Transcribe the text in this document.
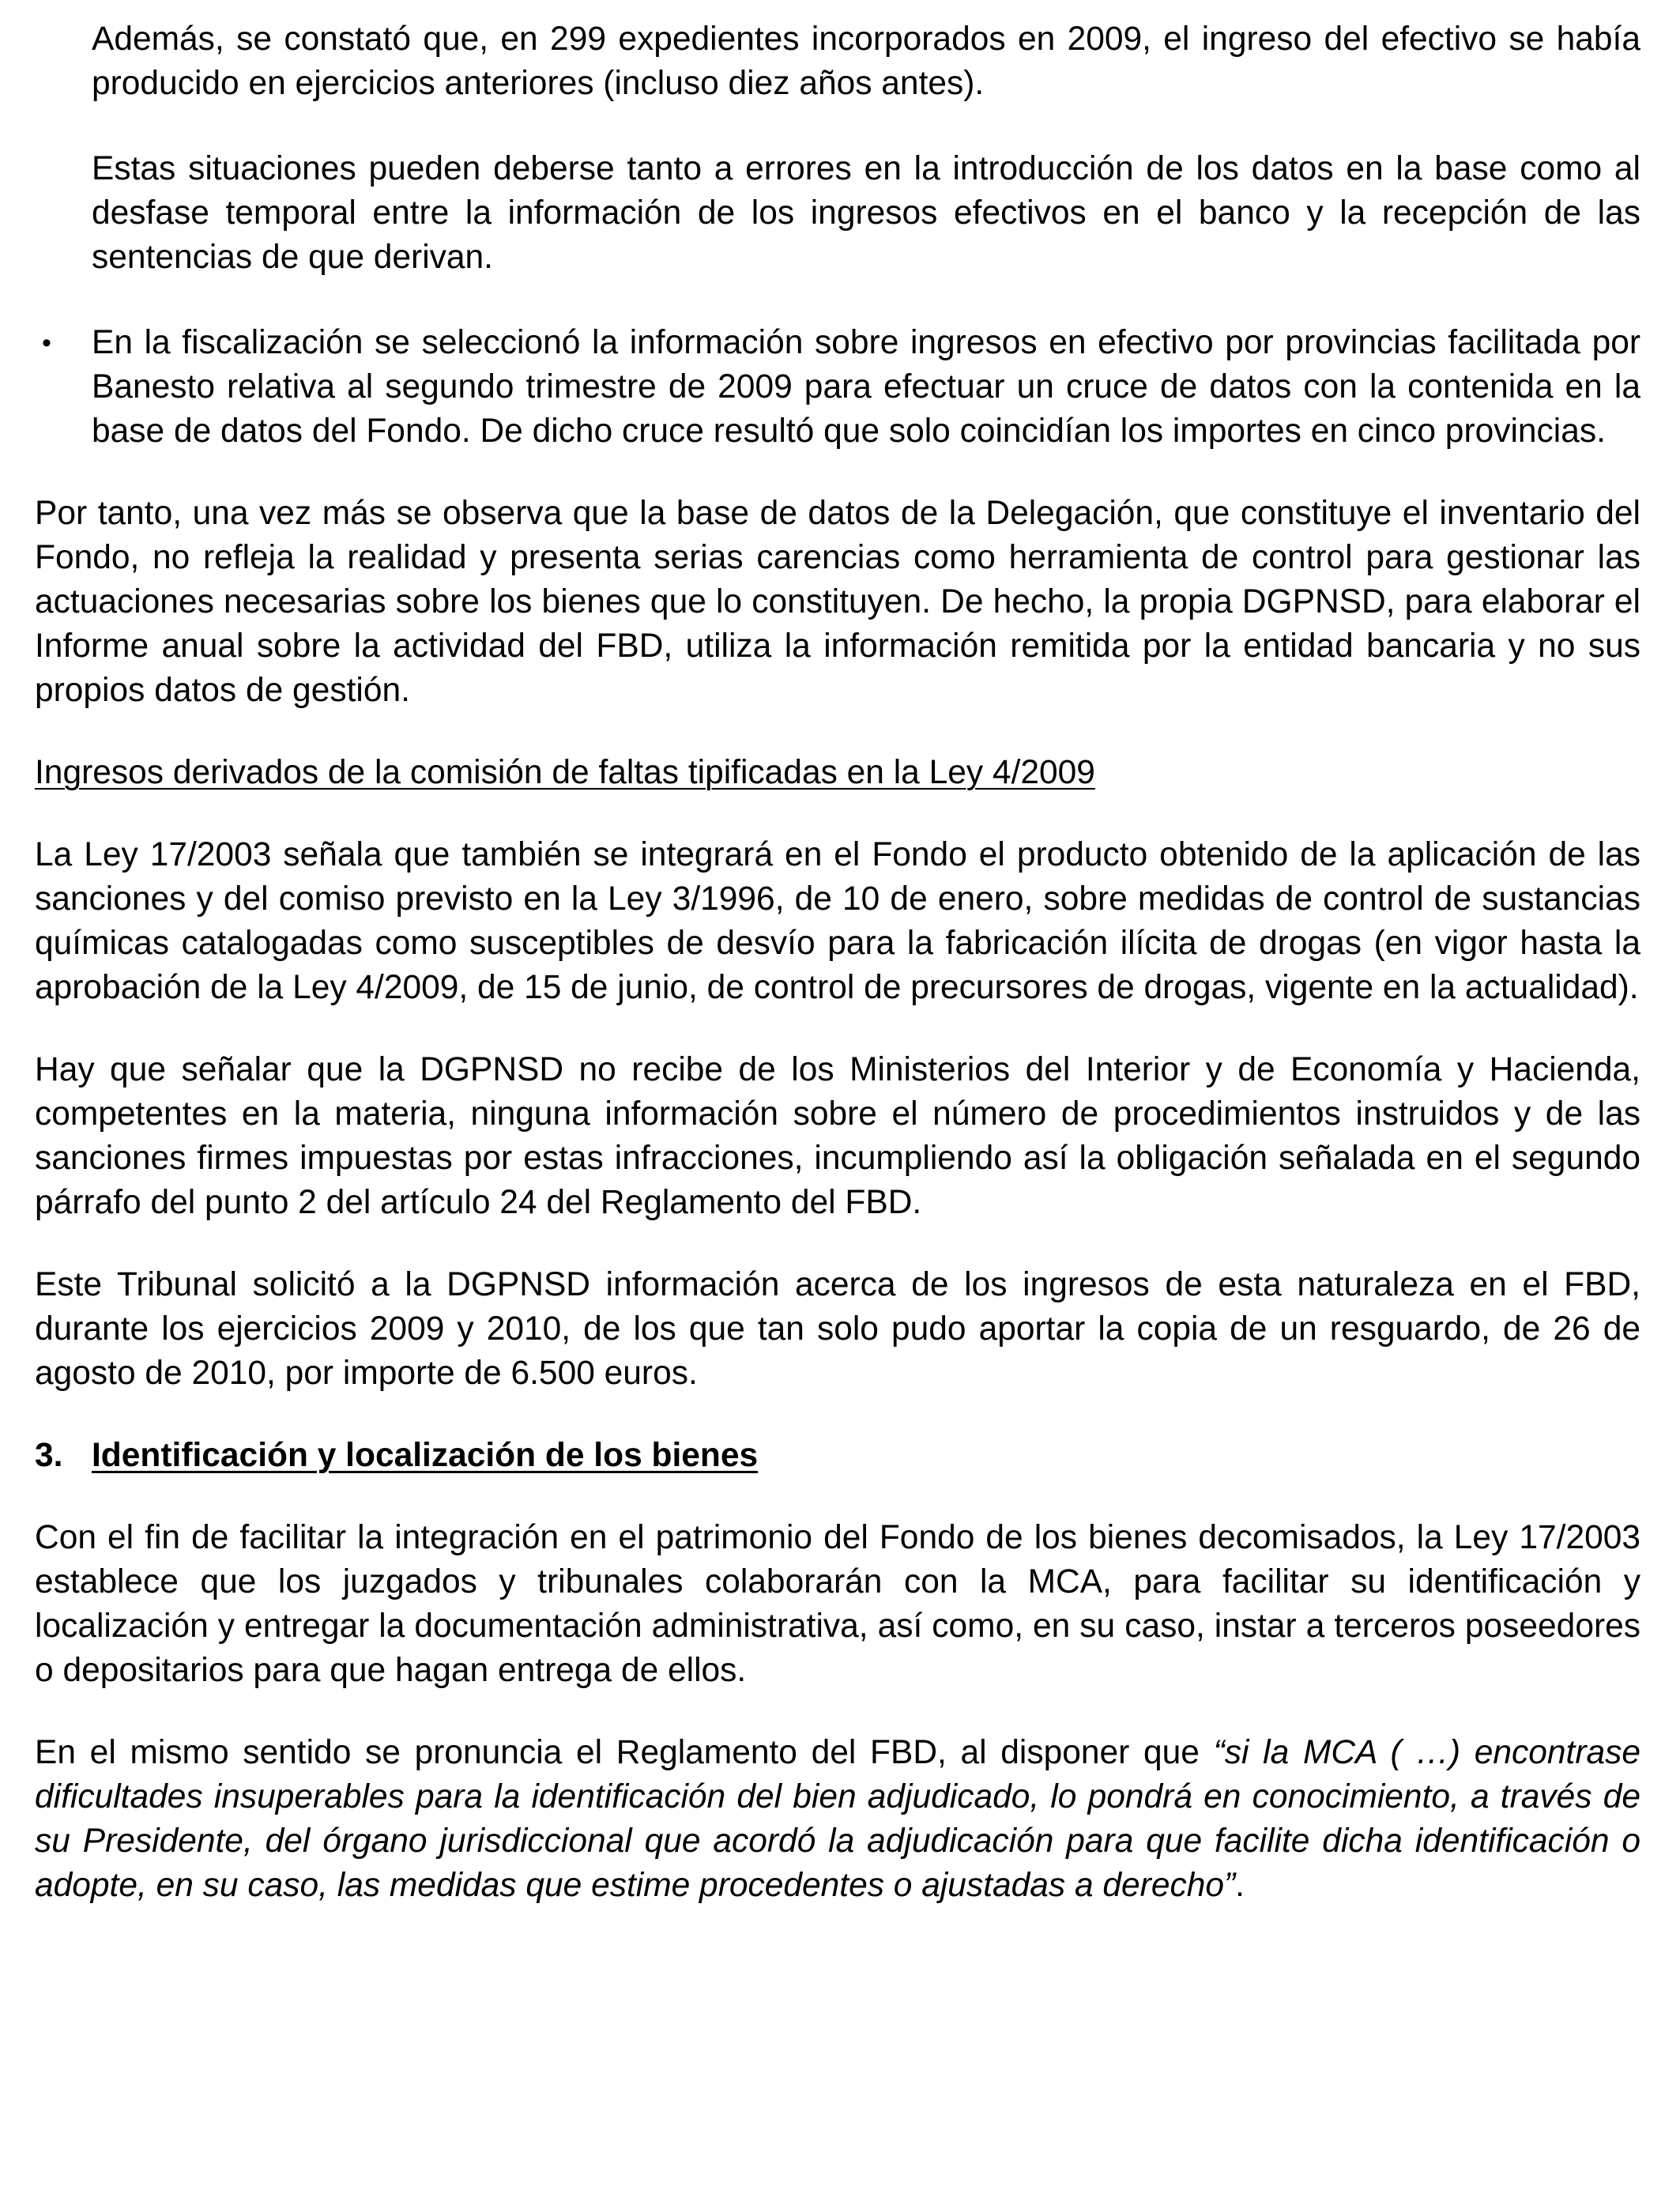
Además, se constató que, en 299 expedientes incorporados en 2009, el ingreso del efectivo se había producido en ejercicios anteriores (incluso diez años antes).

Estas situaciones pueden deberse tanto a errores en la introducción de los datos en la base como al desfase temporal entre la información de los ingresos efectivos en el banco y la recepción de las sentencias de que derivan.

• En la fiscalización se seleccionó la información sobre ingresos en efectivo por provincias facilitada por Banesto relativa al segundo trimestre de 2009 para efectuar un cruce de datos con la contenida en la base de datos del Fondo. De dicho cruce resultó que solo coincidían los importes en cinco provincias.

Por tanto, una vez más se observa que la base de datos de la Delegación, que constituye el inventario del Fondo, no refleja la realidad y presenta serias carencias como herramienta de control para gestionar las actuaciones necesarias sobre los bienes que lo constituyen. De hecho, la propia DGPNSD, para elaborar el Informe anual sobre la actividad del FBD, utiliza la información remitida por la entidad bancaria y no sus propios datos de gestión.

Ingresos derivados de la comisión de faltas tipificadas en la Ley 4/2009

La Ley 17/2003 señala que también se integrará en el Fondo el producto obtenido de la aplicación de las sanciones y del comiso previsto en la Ley 3/1996, de 10 de enero, sobre medidas de control de sustancias químicas catalogadas como susceptibles de desvío para la fabricación ilícita de drogas (en vigor hasta la aprobación de la Ley 4/2009, de 15 de junio, de control de precursores de drogas, vigente en la actualidad).

Hay que señalar que la DGPNSD no recibe de los Ministerios del Interior y de Economía y Hacienda, competentes en la materia, ninguna información sobre el número de procedimientos instruidos y de las sanciones firmes impuestas por estas infracciones, incumpliendo así la obligación señalada en el segundo párrafo del punto 2 del artículo 24 del Reglamento del FBD.

Este Tribunal solicitó a la DGPNSD información acerca de los ingresos de esta naturaleza en el FBD, durante los ejercicios 2009 y 2010, de los que tan solo pudo aportar la copia de un resguardo, de 26 de agosto de 2010, por importe de 6.500 euros.

3. Identificación y localización de los bienes

Con el fin de facilitar la integración en el patrimonio del Fondo de los bienes decomisados, la Ley 17/2003 establece que los juzgados y tribunales colaborarán con la MCA, para facilitar su identificación y localización y entregar la documentación administrativa, así como, en su caso, instar a terceros poseedores o depositarios para que hagan entrega de ellos.

En el mismo sentido se pronuncia el Reglamento del FBD, al disponer que “si la MCA ( …) encontrase dificultades insuperables para la identificación del bien adjudicado, lo pondrá en conocimiento, a través de su Presidente, del órgano jurisdiccional que acordó la adjudicación para que facilite dicha identificación o adopte, en su caso, las medidas que estime procedentes o ajustadas a derecho”.
